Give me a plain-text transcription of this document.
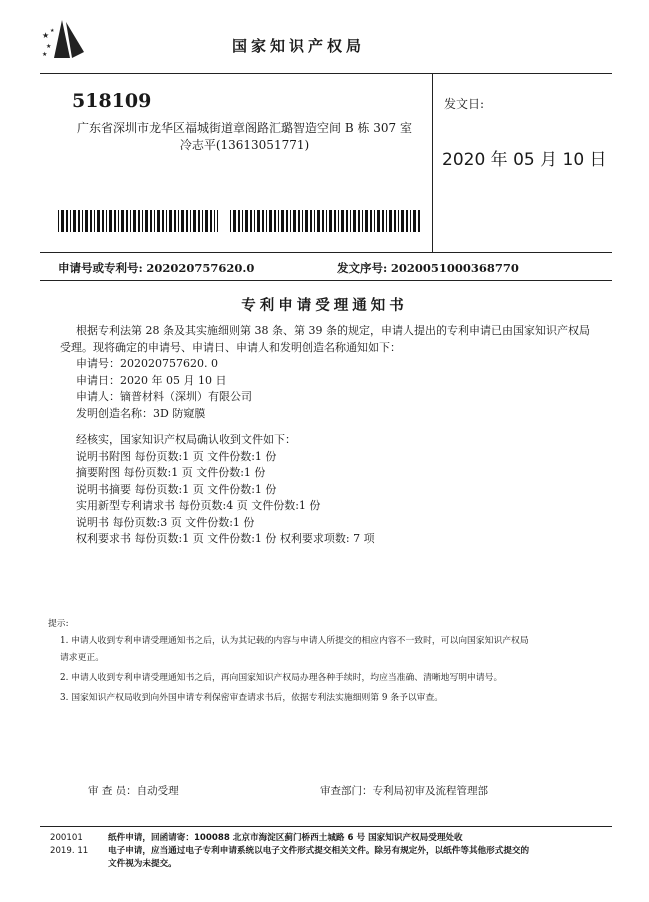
★
★
★
★
国家知识产权局
518109
广东省深圳市龙华区福城街道章阁路汇璐智造空间 B 栋 307 室
冷志平(13613051771)
发文日:
2020 年 05 月 10 日
申请号或专利号: 202020757620.0	发文序号: 2020051000368770
专利申请受理通知书

根据专利法第 28 条及其实施细则第 38 条、第 39 条的规定，申请人提出的专利申请已由国家知识产权局受理。现将确定的申请号、申请日、申请人和发明创造名称通知如下：

申请号：202020757620. 0

申请日：2020 年 05 月 10 日

申请人：镝普材料（深圳）有限公司

发明创造名称：3D 防窥膜

经核实，国家知识产权局确认收到文件如下：

说明书附图 每份页数:1 页 文件份数:1 份

摘要附图 每份页数:1 页 文件份数:1 份

说明书摘要 每份页数:1 页 文件份数:1 份

实用新型专利请求书 每份页数:4 页 文件份数:1 份

说明书 每份页数:3 页 文件份数:1 份

权利要求书 每份页数:1 页 文件份数:1 份 权利要求项数: 7 项

提示:

1. 申请人收到专利申请受理通知书之后，认为其记载的内容与申请人所提交的相应内容不一致时，可以向国家知识产权局

请求更正。

2. 申请人收到专利申请受理通知书之后，再向国家知识产权局办理各种手续时，均应当准确、清晰地写明申请号。

3. 国家知识产权局收到向外国申请专利保密审查请求书后，依据专利法实施细则第 9 条予以审查。

审 查 员：自动受理	审查部门：专利局初审及流程管理部
200101
2019. 11
纸件申请，回函请寄：100088 北京市海淀区蓟门桥西土城路 6 号 国家知识产权局受理处收
电子申请，应当通过电子专利申请系统以电子文件形式提交相关文件。除另有规定外，以纸件等其他形式提交的
文件视为未提交。
